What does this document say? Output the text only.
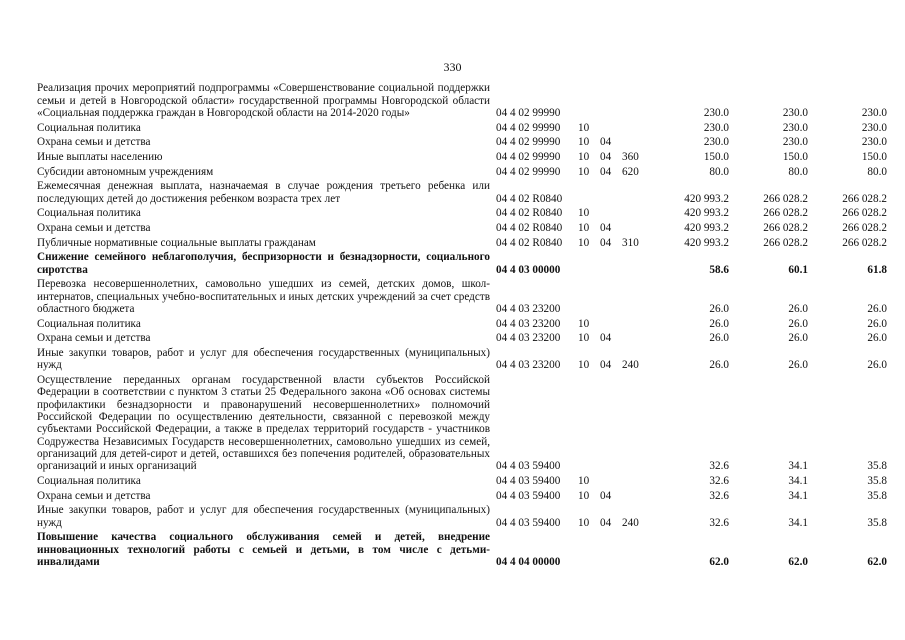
330
Реализация прочих мероприятий подпрограммы «Совершенствование социальной поддержки семьи и детей в Новгородской области» государственной программы Новгородской области «Социальная поддержка граждан в Новгородской области на 2014-2020 годы»	04 4 02 99990				230.0	230.0	230.0
Социальная политика	04 4 02 99990	10			230.0	230.0	230.0
Охрана семьи и детства	04 4 02 99990	10	04		230.0	230.0	230.0
Иные выплаты населению	04 4 02 99990	10	04	360	150.0	150.0	150.0
Субсидии автономным учреждениям	04 4 02 99990	10	04	620	80.0	80.0	80.0
Ежемесячная денежная выплата, назначаемая в случае рождения третьего ребенка или последующих детей до достижения ребенком возраста трех лет	04 4 02 R0840				420 993.2	266 028.2	266 028.2
Социальная политика	04 4 02 R0840	10			420 993.2	266 028.2	266 028.2
Охрана семьи и детства	04 4 02 R0840	10	04		420 993.2	266 028.2	266 028.2
Публичные нормативные социальные выплаты гражданам	04 4 02 R0840	10	04	310	420 993.2	266 028.2	266 028.2
Снижение семейного неблагополучия, беспризорности и безнадзорности, социального сиротства	04 4 03 00000				58.6	60.1	61.8
Перевозка несовершеннолетних, самовольно ушедших из семей, детских домов, школ-интернатов, специальных учебно-воспитательных и иных детских учреждений за счет средств областного бюджета	04 4 03 23200				26.0	26.0	26.0
Социальная политика	04 4 03 23200	10			26.0	26.0	26.0
Охрана семьи и детства	04 4 03 23200	10	04		26.0	26.0	26.0
Иные закупки товаров, работ и услуг для обеспечения государственных (муниципальных) нужд	04 4 03 23200	10	04	240	26.0	26.0	26.0
Осуществление переданных органам государственной власти субъектов Российской Федерации в соответствии с пунктом 3 статьи 25 Федерального закона «Об основах системы профилактики безнадзорности и правонарушений несовершеннолетних» полномочий Российской Федерации по осуществлению деятельности, связанной с перевозкой между субъектами Российской Федерации, а также в пределах территорий государств - участников Содружества Независимых Государств несовершеннолетних, самовольно ушедших из семей, организаций для детей-сирот и детей, оставшихся без попечения родителей, образовательных организаций и иных организаций	04 4 03 59400				32.6	34.1	35.8
Социальная политика	04 4 03 59400	10			32.6	34.1	35.8
Охрана семьи и детства	04 4 03 59400	10	04		32.6	34.1	35.8
Иные закупки товаров, работ и услуг для обеспечения государственных (муниципальных) нужд	04 4 03 59400	10	04	240	32.6	34.1	35.8
Повышение качества социального обслуживания семей и детей, внедрение инновационных технологий работы с семьей и детьми, в том числе с детьми-инвалидами	04 4 04 00000				62.0	62.0	62.0
